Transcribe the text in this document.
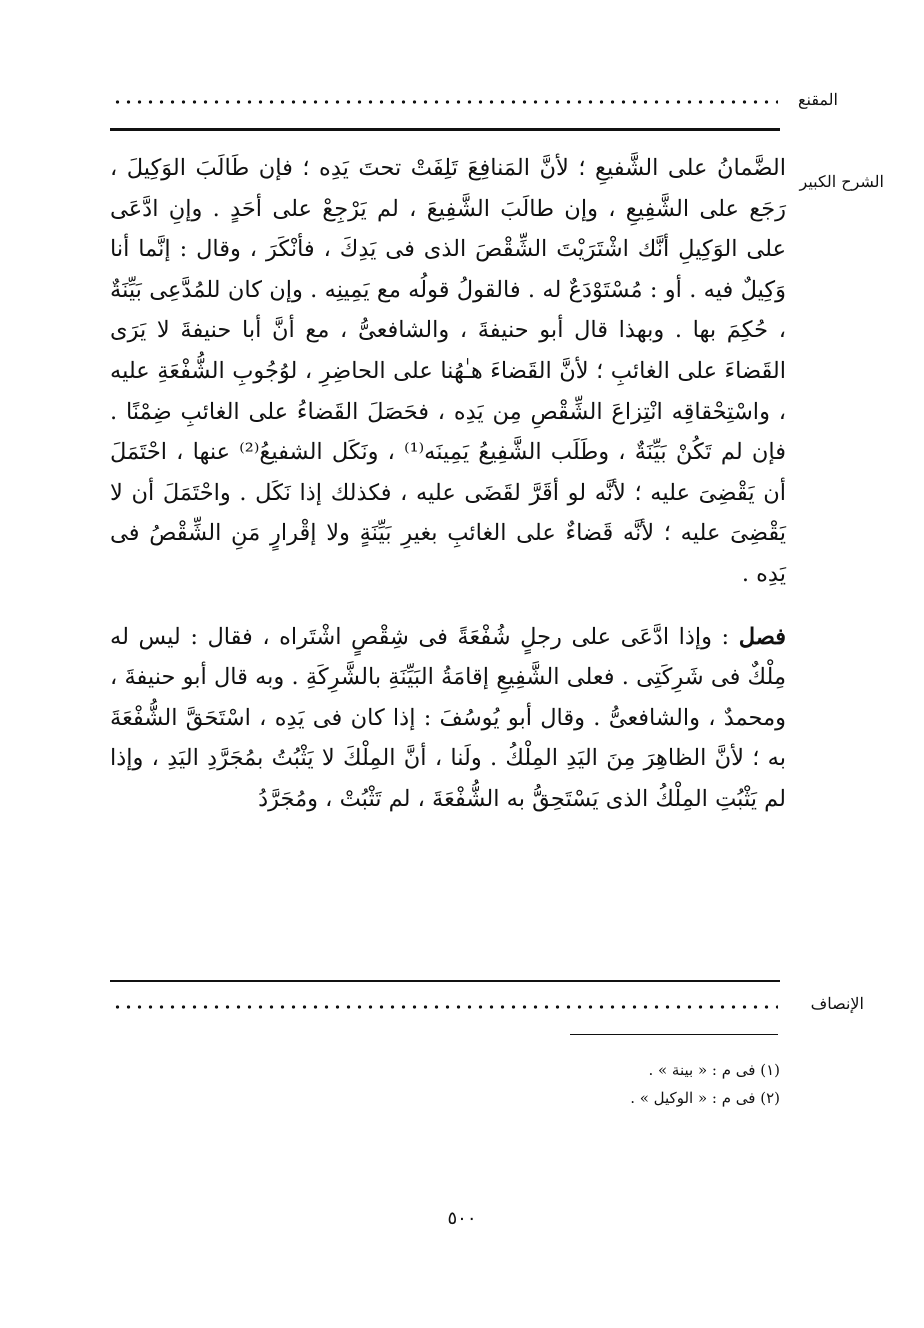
المقنع
الشرح الكبير

الضَّمانُ على الشَّفيعِ ؛ لأنَّ المَنافِعَ تَلِفَتْ تحتَ يَدِه ؛ فإن طَالَبَ الوَكِيلَ ، رَجَع على الشَّفِيعِ ، وإن طالَبَ الشَّفِيعَ ، لم يَرْجِعْ على أحَدٍ . وإنِ ادَّعَى على الوَكِيلِ أنَّك اشْتَرَيْتَ الشِّقْصَ الذى فى يَدِكَ ، فأنْكَرَ ، وقال : إنَّما أنا وَكِيلٌ فيه . أو : مُسْتَوْدَعٌ له . فالقولُ قولُه مع يَمِينِه . وإن كان للمُدَّعِى بَيِّنَةٌ ، حُكِمَ بها . وبهذا قال أبو حنيفةَ ، والشافعىُّ ، مع أنَّ أبا حنيفةَ لا يَرَى القَضاءَ على الغائبِ ؛ لأنَّ القَضاءَ هـٰهُنا على الحاضِرِ ، لوُجُوبِ الشُّفْعَةِ عليه ، واسْتِحْقاقِه انْتِزاعَ الشِّقْصِ مِن يَدِه ، فحَصَلَ القَضاءُ على الغائبِ ضِمْنًا . فإن لم تَكُنْ بَيِّنَةٌ ، وطَلَب الشَّفِيعُ يَمِينَه⁽¹⁾ ، ونَكَل الشفيعُ⁽²⁾ عنها ، احْتَمَلَ أن يَقْضِىَ عليه ؛ لأنَّه لو أقَرَّ لقَضَى عليه ، فكذلك إذا نَكَل . واحْتَمَلَ أن لا يَقْضِىَ عليه ؛ لأنَّه قَضاءٌ على الغائبِ بغيرِ بَيِّنَةٍ ولا إقْرارٍ مَنِ الشِّقْصُ فى يَدِه .

فصل : وإذا ادَّعَى على رجلٍ شُفْعَةً فى شِقْصٍ اشْتَراه ، فقال : ليس له مِلْكٌ فى شَرِكَتِى . فعلى الشَّفِيعِ إقامَةُ البَيِّنَةِ بالشَّرِكَةِ . وبه قال أبو حنيفةَ ، ومحمدٌ ، والشافعىُّ . وقال أبو يُوسُفَ : إذا كان فى يَدِه ، اسْتَحَقَّ الشُّفْعَةَ به ؛ لأنَّ الظاهِرَ مِنَ اليَدِ المِلْكُ . ولَنا ، أنَّ المِلْكَ لا يَثْبُتُ بمُجَرَّدِ اليَدِ ، وإذا لم يَثْبُتِ المِلْكُ الذى يَسْتَحِقُّ به الشُّفْعَةَ ، لم تَثْبُتْ ، ومُجَرَّدُ

الإنصاف

(١) فى م : « بينة » .

(٢) فى م : « الوكيل » .

٥٠٠
